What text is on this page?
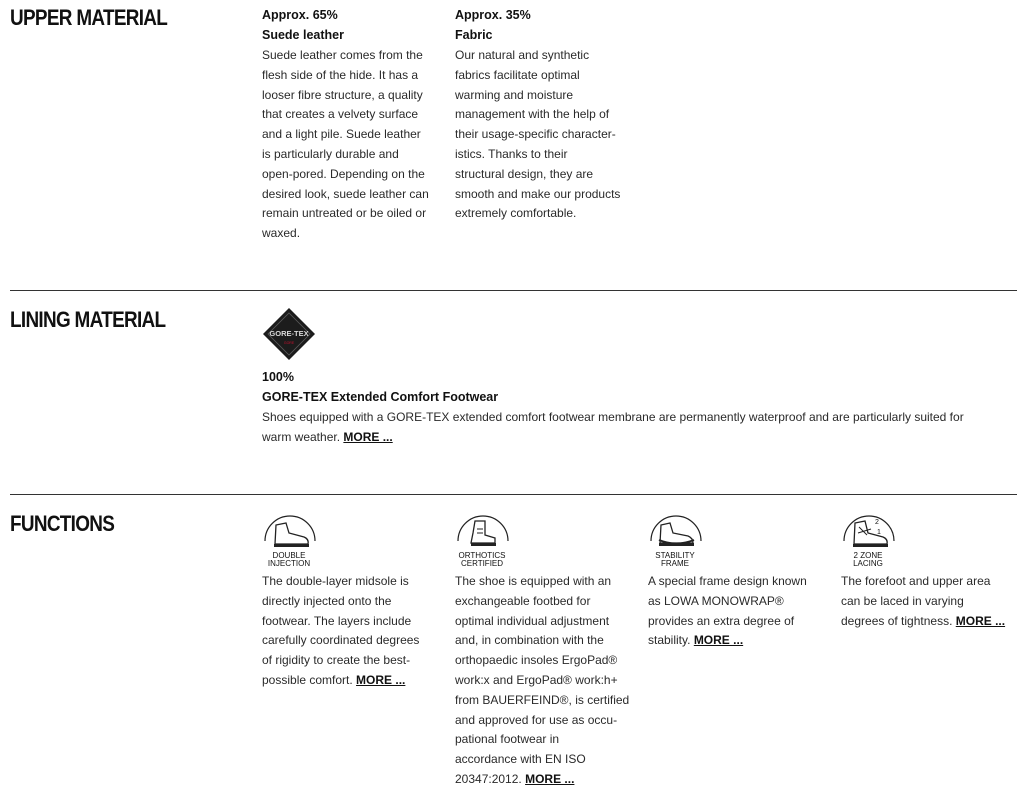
UPPER MATERIAL	Approx. 65%
Suede leather
Suede leather comes from the
flesh side of the hide. It has a
looser fibre structure, a quality
that creates a velvety surface
and a light pile. Suede leather
is particularly durable and
open-pored. Depending on the
desired look, suede leather can
remain untreated or be oiled or
waxed.
Approx. 35%
Fabric
Our natural and synthetic
fabrics facilitate optimal
warming and moisture
management with the help of
their usage-specific character-
istics. Thanks to their
structural design, they are
smooth and make our products
extremely comfortable.
LINING MATERIAL
GORE-TEX
GORE
100%
GORE-TEX Extended Comfort Footwear
Shoes equipped with a GORE-TEX extended comfort footwear membrane are permanently waterproof and are particularly suited for
warm weather. MORE ...
FUNCTIONS
DOUBLE
INJECTION
The double-layer midsole is
directly injected onto the
footwear. The layers include
carefully coordinated degrees
of rigidity to create the best-
possible comfort. MORE ...
ORTHOTICS
CERTIFIED
The shoe is equipped with an
exchangeable footbed for
optimal individual adjustment
and, in combination with the
orthopaedic insoles ErgoPad®
work:x and ErgoPad® work:h+
from BAUERFEIND®, is certified
and approved for use as occu-
pational footwear in
accordance with EN ISO
20347:2012. MORE ...
STABILITY
FRAME
A special frame design known
as LOWA MONOWRAP®
provides an extra degree of
stability. MORE ...
2
1
2 ZONE
LACING
The forefoot and upper area
can be laced in varying
degrees of tightness. MORE ...
